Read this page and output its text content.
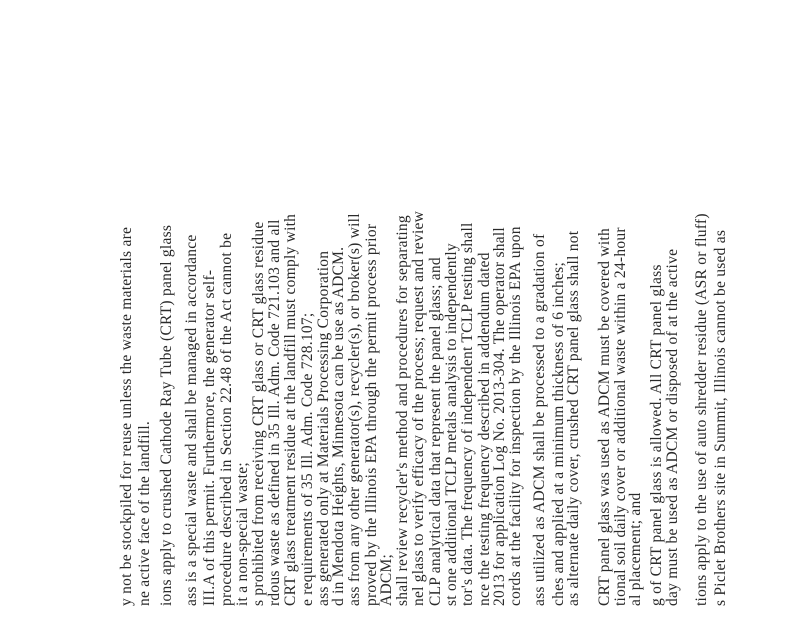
y not be stockpiled for reuse unless the waste materials are ne active face of the landfill. ions apply to crushed Cathode Ray Tube (CRT) panel glass ass is a special waste and shall be managed in accordance III.A of this permit. Furthermore, the generator self- procedure described in Section 22.48 of the Act cannot be it a non-special waste; s prohibited from receiving CRT glass or CRT glass residue rdous waste as defined in 35 Ill. Adm. Code 721.103 and all CRT glass treatment residue at the landfill must comply with e requirements of 35 Ill. Adm. Code 728.107; ass generated only at Materials Processing Corporation
d in Mendota Heights, Minnesota can be use as ADCM. ass from any other generator(s), recycler(s), or broker(s) will proved by the Illinois EPA through the permit process prior
ADCM; shall review recycler's method and procedures for separating nel glass to verify efficacy of the process; request and review CLP analytical data that represent the panel glass; and st one additional TCLP metals analysis to independently tor's data. The frequency of independent TCLP testing shall nce the testing frequency described in addendum dated
2013 for application Log No. 2013-304. The operator shall cords at the facility for inspection by the Illinois EPA upon ass utilized as ADCM shall be processed to a gradation of ches and applied at a minimum thickness of 6 inches;
as alternate daily cover, crushed CRT panel glass shall not CRT panel glass was used as ADCM must be covered with tional soil daily cover or additional waste within a 24-hour
al placement; and g of CRT panel glass is allowed. All CRT panel glass day must be used as ADCM or disposed of at the active tions apply to the use of auto shredder residue (ASR or fluff) s Piclet Brothers site in Summit, Illinois cannot be used as
